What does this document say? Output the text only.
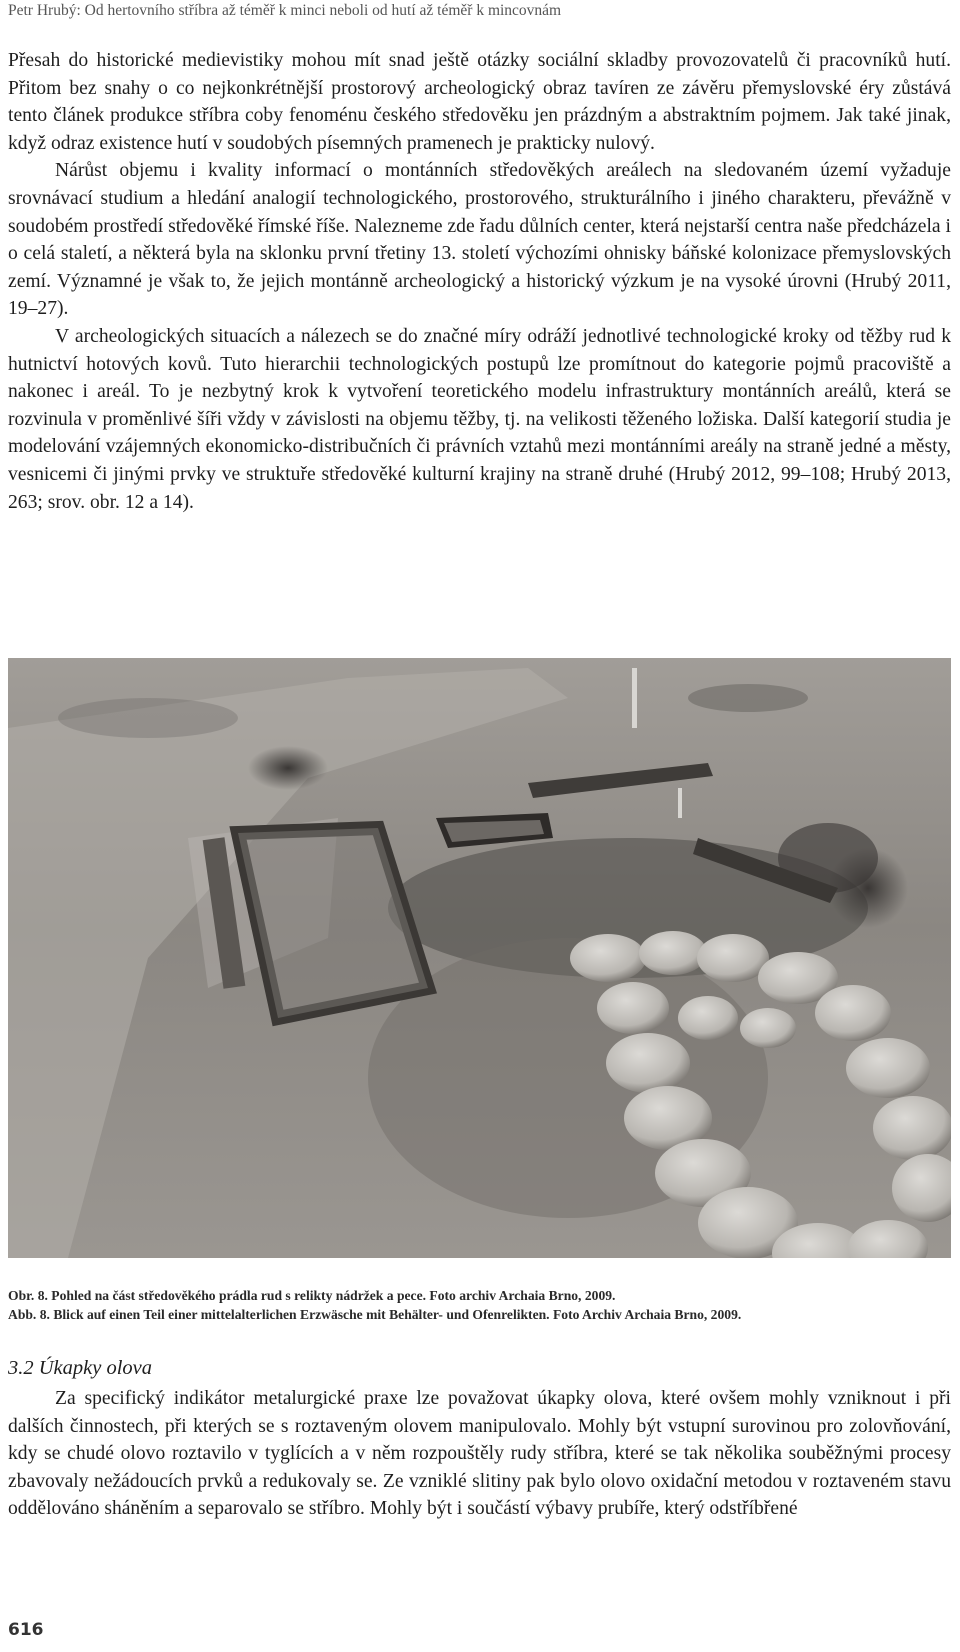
Petr Hrubý: Od hertovního stříbra až téměř k minci neboli od hutí až téměř k mincovnám

Přesah do historické medievistiky mohou mít snad ještě otázky sociální skladby provozovatelů či pracovníků hutí. Přitom bez snahy o co nejkonkrétnější prostorový archeologický obraz tavíren ze závěru přemyslovské éry zůstává tento článek produkce stříbra coby fenoménu českého středověku jen prázdným a abstraktním pojmem. Jak také jinak, když odraz existence hutí v soudobých písemných pramenech je prakticky nulový.

Nárůst objemu i kvality informací o montánních středověkých areálech na sledovaném území vyžaduje srovnávací studium a hledání analogií technologického, prostorového, strukturálního i jiného charakteru, převážně v soudobém prostředí středověké římské říše. Nalezneme zde řadu důlních center, která nejstarší centra naše předcházela i o celá staletí, a některá byla na sklonku první třetiny 13. století výchozími ohnisky báňské kolonizace přemyslovských zemí. Významné je však to, že jejich montánně archeologický a historický výzkum je na vysoké úrovni (Hrubý 2011, 19–27).

V archeologických situacích a nálezech se do značné míry odráží jednotlivé technologické kroky od těžby rud k hutnictví hotových kovů. Tuto hierarchii technologických postupů lze promítnout do kategorie pojmů pracoviště a nakonec i areál. To je nezbytný krok k vytvoření teoretického modelu infrastruktury montánních areálů, která se rozvinula v proměnlivé šíři vždy v závislosti na objemu těžby, tj. na velikosti těženého ložiska. Další kategorií studia je modelování vzájemných ekonomicko-distribučních či právních vztahů mezi montánními areály na straně jedné a městy, vesnicemi či jinými prvky ve struktuře středověké kulturní krajiny na straně druhé (Hrubý 2012, 99–108; Hrubý 2013, 263; srov. obr. 12 a 14).

Obr. 8. Pohled na část středověkého prádla rud s relikty nádržek a pece. Foto archiv Archaia Brno, 2009.
Abb. 8. Blick auf einen Teil einer mittelalterlichen Erzwäsche mit Behälter- und Ofenrelikten. Foto Archiv Archaia Brno, 2009.
3.2 Úkapky olova

Za specifický indikátor metalurgické praxe lze považovat úkapky olova, které ovšem mohly vzniknout i při dalších činnostech, při kterých se s roztaveným olovem manipulovalo. Mohly být vstupní surovinou pro zolovňování, kdy se chudé olovo roztavilo v tyglících a v něm rozpouštěly rudy stříbra, které se tak několika souběžnými procesy zbavovaly nežádoucích prvků a redukovaly se. Ze vzniklé slitiny pak bylo olovo oxidační metodou v roztaveném stavu oddělováno sháněním a separovalo se stříbro. Mohly být i součástí výbavy prubíře, který odstříbřené

616
